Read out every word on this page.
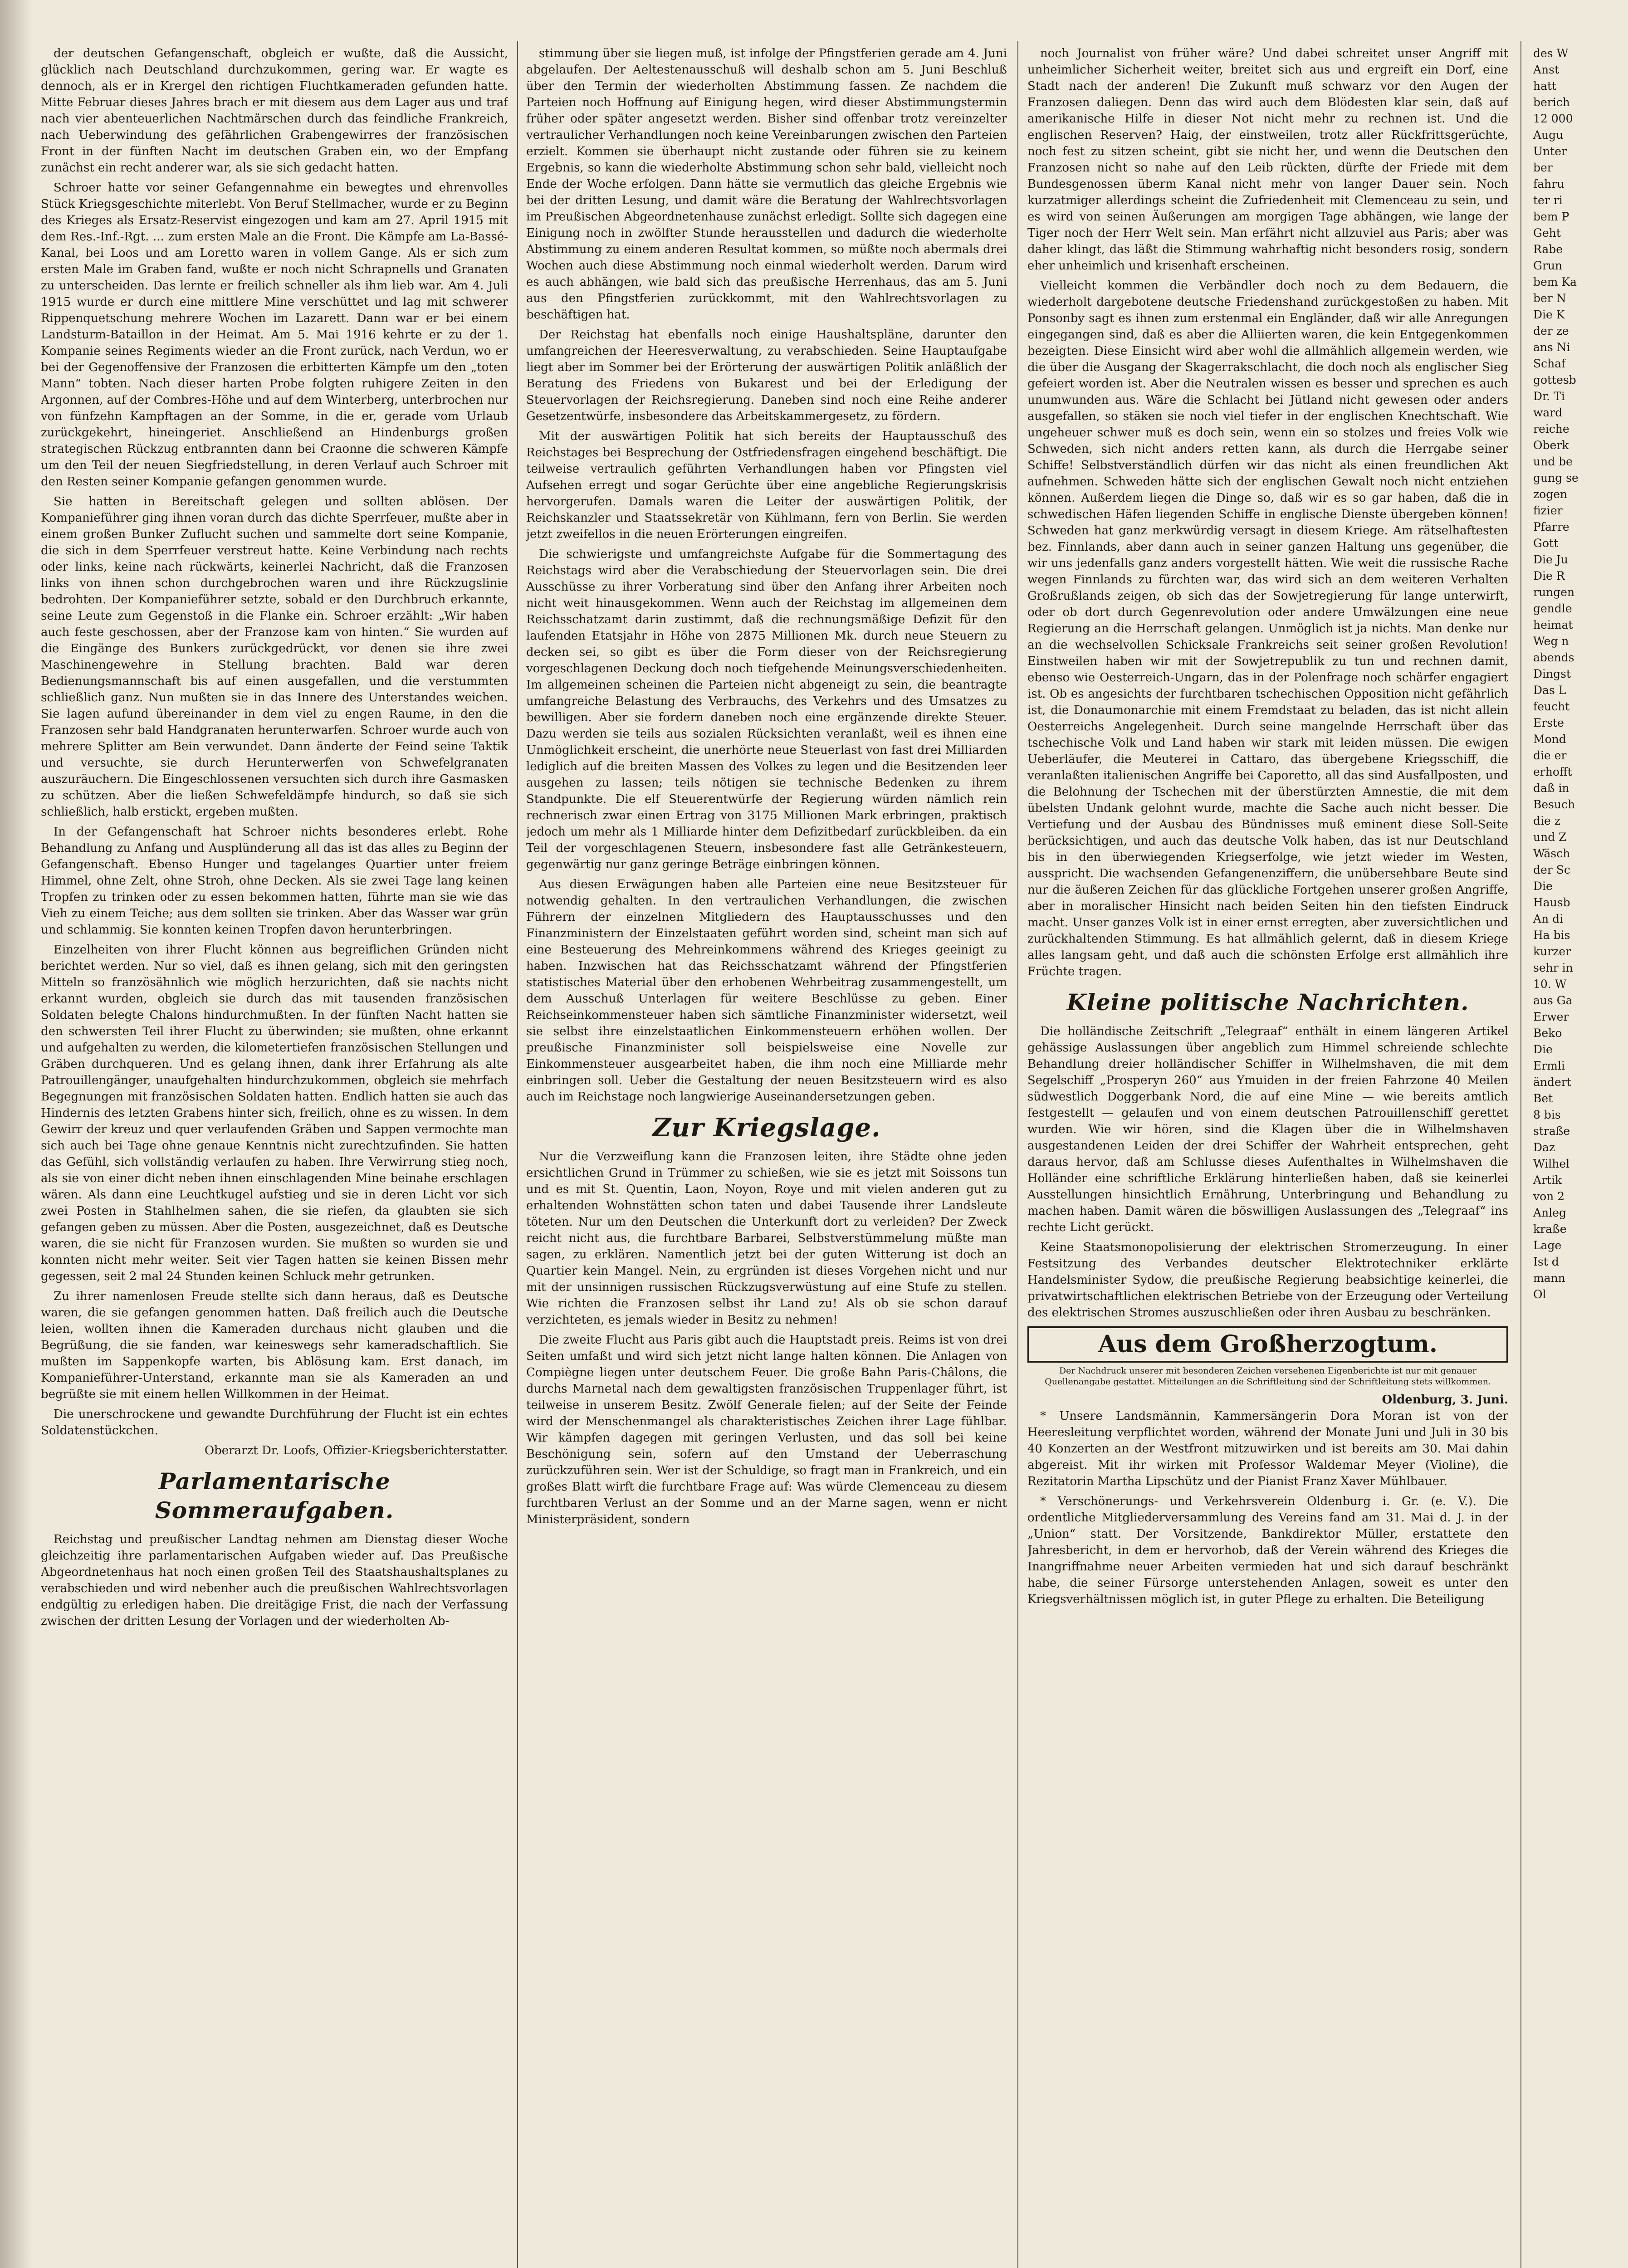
der deutschen Gefangenschaft, obgleich er wußte, daß die Aussicht, glücklich nach Deutschland durchzukommen, gering war. Er wagte es dennoch, als er in Krergel den richtigen Fluchtkameraden gefunden hatte. Mitte Februar dieses Jahres brach er mit diesem aus dem Lager aus und traf nach vier abenteuerlichen Nachtmärschen durch das feindliche Frankreich, nach Ueberwindung des gefährlichen Grabengewirres der französischen Front in der fünften Nacht im deutschen Graben ein, wo der Empfang zunächst ein recht anderer war, als sie sich gedacht hatten.

Schroer hatte vor seiner Gefangennahme ein bewegtes und ehrenvolles Stück Kriegsgeschichte miterlebt. Von Beruf Stellmacher, wurde er zu Beginn des Krieges als Ersatz-Reservist eingezogen und kam am 27. April 1915 mit dem Res.-Inf.-Rgt. ... zum ersten Male an die Front. Die Kämpfe am La-Bassé-Kanal, bei Loos und am Loretto waren in vollem Gange. Als er sich zum ersten Male im Graben fand, wußte er noch nicht Schrapnells und Granaten zu unterscheiden. Das lernte er freilich schneller als ihm lieb war. Am 4. Juli 1915 wurde er durch eine mittlere Mine verschüttet und lag mit schwerer Rippenquetschung mehrere Wochen im Lazarett. Dann war er bei einem Landsturm-Bataillon in der Heimat. Am 5. Mai 1916 kehrte er zu der 1. Kompanie seines Regiments wieder an die Front zurück, nach Verdun, wo er bei der Gegenoffensive der Franzosen die erbitterten Kämpfe um den „toten Mann“ tobten. Nach dieser harten Probe folgten ruhigere Zeiten in den Argonnen, auf der Combres-Höhe und auf dem Winterberg, unterbrochen nur von fünfzehn Kampftagen an der Somme, in die er, gerade vom Urlaub zurückgekehrt, hineingeriet. Anschließend an Hindenburgs großen strategischen Rückzug entbrannten dann bei Craonne die schweren Kämpfe um den Teil der neuen Siegfriedstellung, in deren Verlauf auch Schroer mit den Resten seiner Kompanie gefangen genommen wurde.

Sie hatten in Bereitschaft gelegen und sollten ablösen. Der Kompanieführer ging ihnen voran durch das dichte Sperrfeuer, mußte aber in einem großen Bunker Zuflucht suchen und sammelte dort seine Kompanie, die sich in dem Sperrfeuer verstreut hatte. Keine Verbindung nach rechts oder links, keine nach rückwärts, keinerlei Nachricht, daß die Franzosen links von ihnen schon durchgebrochen waren und ihre Rückzugslinie bedrohten. Der Kompanieführer setzte, sobald er den Durchbruch erkannte, seine Leute zum Gegenstoß in die Flanke ein. Schroer erzählt: „Wir haben auch feste geschossen, aber der Franzose kam von hinten.“ Sie wurden auf die Eingänge des Bunkers zurückgedrückt, vor denen sie ihre zwei Maschinengewehre in Stellung brachten. Bald war deren Bedienungsmannschaft bis auf einen ausgefallen, und die verstummten schließlich ganz. Nun mußten sie in das Innere des Unterstandes weichen. Sie lagen aufund übereinander in dem viel zu engen Raume, in den die Franzosen sehr bald Handgranaten herunterwarfen. Schroer wurde auch von mehrere Splitter am Bein verwundet. Dann änderte der Feind seine Taktik und versuchte, sie durch Herunterwerfen von Schwefelgranaten auszuräuchern. Die Eingeschlossenen versuchten sich durch ihre Gasmasken zu schützen. Aber die ließen Schwefeldämpfe hindurch, so daß sie sich schließlich, halb erstickt, ergeben mußten.

In der Gefangenschaft hat Schroer nichts besonderes erlebt. Rohe Behandlung zu Anfang und Ausplünderung all das ist das alles zu Beginn der Gefangenschaft. Ebenso Hunger und tagelanges Quartier unter freiem Himmel, ohne Zelt, ohne Stroh, ohne Decken. Als sie zwei Tage lang keinen Tropfen zu trinken oder zu essen bekommen hatten, führte man sie wie das Vieh zu einem Teiche; aus dem sollten sie trinken. Aber das Wasser war grün und schlammig. Sie konnten keinen Tropfen davon herunterbringen.

Einzelheiten von ihrer Flucht können aus begreiflichen Gründen nicht berichtet werden. Nur so viel, daß es ihnen gelang, sich mit den geringsten Mitteln so französähnlich wie möglich herzurichten, daß sie nachts nicht erkannt wurden, obgleich sie durch das mit tausenden französischen Soldaten belegte Chalons hindurchmußten. In der fünften Nacht hatten sie den schwersten Teil ihrer Flucht zu überwinden; sie mußten, ohne erkannt und aufgehalten zu werden, die kilometertiefen französischen Stellungen und Gräben durchqueren. Und es gelang ihnen, dank ihrer Erfahrung als alte Patrouillengänger, unaufgehalten hindurchzukommen, obgleich sie mehrfach Begegnungen mit französischen Soldaten hatten. Endlich hatten sie auch das Hindernis des letzten Grabens hinter sich, freilich, ohne es zu wissen. In dem Gewirr der kreuz und quer verlaufenden Gräben und Sappen vermochte man sich auch bei Tage ohne genaue Kenntnis nicht zurechtzufinden. Sie hatten das Gefühl, sich vollständig verlaufen zu haben. Ihre Verwirrung stieg noch, als sie von einer dicht neben ihnen einschlagenden Mine beinahe erschlagen wären. Als dann eine Leuchtkugel aufstieg und sie in deren Licht vor sich zwei Posten in Stahlhelmen sahen, die sie riefen, da glaubten sie sich gefangen geben zu müssen. Aber die Posten, ausgezeichnet, daß es Deutsche waren, die sie nicht für Franzosen wurden. Sie mußten so wurden sie und konnten nicht mehr weiter. Seit vier Tagen hatten sie keinen Bissen mehr gegessen, seit 2 mal 24 Stunden keinen Schluck mehr getrunken.

Zu ihrer namenlosen Freude stellte sich dann heraus, daß es Deutsche waren, die sie gefangen genommen hatten. Daß freilich auch die Deutsche leien, wollten ihnen die Kameraden durchaus nicht glauben und die Begrüßung, die sie fanden, war keineswegs sehr kameradschaftlich. Sie mußten im Sappenkopfe warten, bis Ablösung kam. Erst danach, im Kompanieführer-Unterstand, erkannte man sie als Kameraden an und begrüßte sie mit einem hellen Willkommen in der Heimat.

Die unerschrockene und gewandte Durchführung der Flucht ist ein echtes Soldatenstückchen.

Oberarzt Dr. Loofs, Offizier-Kriegsberichterstatter.
Parlamentarische Sommeraufgaben.

Reichstag und preußischer Landtag nehmen am Dienstag dieser Woche gleichzeitig ihre parlamentarischen Aufgaben wieder auf. Das Preußische Abgeordnetenhaus hat noch einen großen Teil des Staatshaushaltsplanes zu verabschieden und wird nebenher auch die preußischen Wahlrechtsvorlagen endgültig zu erledigen haben. Die dreitägige Frist, die nach der Verfassung zwischen der dritten Lesung der Vorlagen und der wiederholten Ab-

stimmung über sie liegen muß, ist infolge der Pfingstferien gerade am 4. Juni abgelaufen. Der Aeltestenausschuß will deshalb schon am 5. Juni Beschluß über den Termin der wiederholten Abstimmung fassen. Ze nachdem die Parteien noch Hoffnung auf Einigung hegen, wird dieser Abstimmungstermin früher oder später angesetzt werden. Bisher sind offenbar trotz vereinzelter vertraulicher Verhandlungen noch keine Vereinbarungen zwischen den Parteien erzielt. Kommen sie überhaupt nicht zustande oder führen sie zu keinem Ergebnis, so kann die wiederholte Abstimmung schon sehr bald, vielleicht noch Ende der Woche erfolgen. Dann hätte sie vermutlich das gleiche Ergebnis wie bei der dritten Lesung, und damit wäre die Beratung der Wahlrechtsvorlagen im Preußischen Abgeordnetenhause zunächst erledigt. Sollte sich dagegen eine Einigung noch in zwölfter Stunde herausstellen und dadurch die wiederholte Abstimmung zu einem anderen Resultat kommen, so müßte noch abermals drei Wochen auch diese Abstimmung noch einmal wiederholt werden. Darum wird es auch abhängen, wie bald sich das preußische Herrenhaus, das am 5. Juni aus den Pfingstferien zurückkommt, mit den Wahlrechtsvorlagen zu beschäftigen hat.

Der Reichstag hat ebenfalls noch einige Haushaltspläne, darunter den umfangreichen der Heeresverwaltung, zu verabschieden. Seine Hauptaufgabe liegt aber im Sommer bei der Erörterung der auswärtigen Politik anläßlich der Beratung des Friedens von Bukarest und bei der Erledigung der Steuervorlagen der Reichsregierung. Daneben sind noch eine Reihe anderer Gesetzentwürfe, insbesondere das Arbeitskammergesetz, zu fördern.

Mit der auswärtigen Politik hat sich bereits der Hauptausschuß des Reichstages bei Besprechung der Ostfriedensfragen eingehend beschäftigt. Die teilweise vertraulich geführten Verhandlungen haben vor Pfingsten viel Aufsehen erregt und sogar Gerüchte über eine angebliche Regierungskrisis hervorgerufen. Damals waren die Leiter der auswärtigen Politik, der Reichskanzler und Staatssekretär von Kühlmann, fern von Berlin. Sie werden jetzt zweifellos in die neuen Erörterungen eingreifen.

Die schwierigste und umfangreichste Aufgabe für die Sommertagung des Reichstags wird aber die Verabschiedung der Steuervorlagen sein. Die drei Ausschüsse zu ihrer Vorberatung sind über den Anfang ihrer Arbeiten noch nicht weit hinausgekommen. Wenn auch der Reichstag im allgemeinen dem Reichsschatzamt darin zustimmt, daß die rechnungsmäßige Defizit für den laufenden Etatsjahr in Höhe von 2875 Millionen Mk. durch neue Steuern zu decken sei, so gibt es über die Form dieser von der Reichsregierung vorgeschlagenen Deckung doch noch tiefgehende Meinungsverschiedenheiten. Im allgemeinen scheinen die Parteien nicht abgeneigt zu sein, die beantragte umfangreiche Belastung des Verbrauchs, des Verkehrs und des Umsatzes zu bewilligen. Aber sie fordern daneben noch eine ergänzende direkte Steuer. Dazu werden sie teils aus sozialen Rücksichten veranlaßt, weil es ihnen eine Unmöglichkeit erscheint, die unerhörte neue Steuerlast von fast drei Milliarden lediglich auf die breiten Massen des Volkes zu legen und die Besitzenden leer ausgehen zu lassen; teils nötigen sie technische Bedenken zu ihrem Standpunkte. Die elf Steuerentwürfe der Regierung würden nämlich rein rechnerisch zwar einen Ertrag von 3175 Millionen Mark erbringen, praktisch jedoch um mehr als 1 Milliarde hinter dem Defizitbedarf zurückbleiben. da ein Teil der vorgeschlagenen Steuern, insbesondere fast alle Getränkesteuern, gegenwärtig nur ganz geringe Beträge einbringen können.

Aus diesen Erwägungen haben alle Parteien eine neue Besitzsteuer für notwendig gehalten. In den vertraulichen Verhandlungen, die zwischen Führern der einzelnen Mitgliedern des Hauptausschusses und den Finanzministern der Einzelstaaten geführt worden sind, scheint man sich auf eine Besteuerung des Mehreinkommens während des Krieges geeinigt zu haben. Inzwischen hat das Reichsschatzamt während der Pfingstferien statistisches Material über den erhobenen Wehrbeitrag zusammengestellt, um dem Ausschuß Unterlagen für weitere Beschlüsse zu geben. Einer Reichseinkommensteuer haben sich sämtliche Finanzminister widersetzt, weil sie selbst ihre einzelstaatlichen Einkommensteuern erhöhen wollen. Der preußische Finanzminister soll beispielsweise eine Novelle zur Einkommensteuer ausgearbeitet haben, die ihm noch eine Milliarde mehr einbringen soll. Ueber die Gestaltung der neuen Besitzsteuern wird es also auch im Reichstage noch langwierige Auseinandersetzungen geben.

Zur Kriegslage.

Nur die Verzweiflung kann die Franzosen leiten, ihre Städte ohne jeden ersichtlichen Grund in Trümmer zu schießen, wie sie es jetzt mit Soissons tun und es mit St. Quentin, Laon, Noyon, Roye und mit vielen anderen gut zu erhaltenden Wohnstätten schon taten und dabei Tausende ihrer Landsleute töteten. Nur um den Deutschen die Unterkunft dort zu verleiden? Der Zweck reicht nicht aus, die furchtbare Barbarei, Selbstverstümmelung müßte man sagen, zu erklären. Namentlich jetzt bei der guten Witterung ist doch an Quartier kein Mangel. Nein, zu ergründen ist dieses Vorgehen nicht und nur mit der unsinnigen russischen Rückzugsverwüstung auf eine Stufe zu stellen. Wie richten die Franzosen selbst ihr Land zu! Als ob sie schon darauf verzichteten, es jemals wieder in Besitz zu nehmen!

Die zweite Flucht aus Paris gibt auch die Hauptstadt preis. Reims ist von drei Seiten umfaßt und wird sich jetzt nicht lange halten können. Die Anlagen von Compiègne liegen unter deutschem Feuer. Die große Bahn Paris-Châlons, die durchs Marnetal nach dem gewaltigsten französischen Truppenlager führt, ist teilweise in unserem Besitz. Zwölf Generale fielen; auf der Seite der Feinde wird der Menschenmangel als charakteristisches Zeichen ihrer Lage fühlbar. Wir kämpfen dagegen mit geringen Verlusten, und das soll bei keine Beschönigung sein, sofern auf den Umstand der Ueberraschung zurückzuführen sein. Wer ist der Schuldige, so fragt man in Frankreich, und ein großes Blatt wirft die furchtbare Frage auf: Was würde Clemenceau zu diesem furchtbaren Verlust an der Somme und an der Marne sagen, wenn er nicht Ministerpräsident, sondern

noch Journalist von früher wäre? Und dabei schreitet unser Angriff mit unheimlicher Sicherheit weiter, breitet sich aus und ergreift ein Dorf, eine Stadt nach der anderen! Die Zukunft muß schwarz vor den Augen der Franzosen daliegen. Denn das wird auch dem Blödesten klar sein, daß auf amerikanische Hilfe in dieser Not nicht mehr zu rechnen ist. Und die englischen Reserven? Haig, der einstweilen, trotz aller Rückfrittsgerüchte, noch fest zu sitzen scheint, gibt sie nicht her, und wenn die Deutschen den Franzosen nicht so nahe auf den Leib rückten, dürfte der Friede mit dem Bundesgenossen überm Kanal nicht mehr von langer Dauer sein. Noch kurzatmiger allerdings scheint die Zufriedenheit mit Clemenceau zu sein, und es wird von seinen Äußerungen am morgigen Tage abhängen, wie lange der Tiger noch der Herr Welt sein. Man erfährt nicht allzuviel aus Paris; aber was daher klingt, das läßt die Stimmung wahrhaftig nicht besonders rosig, sondern eher unheimlich und krisenhaft erscheinen.

Vielleicht kommen die Verbändler doch noch zu dem Bedauern, die wiederholt dargebotene deutsche Friedenshand zurückgestoßen zu haben. Mit Ponsonby sagt es ihnen zum erstenmal ein Engländer, daß wir alle Anregungen eingegangen sind, daß es aber die Alliierten waren, die kein Entgegenkommen bezeigten. Diese Einsicht wird aber wohl die allmählich allgemein werden, wie die über die Ausgang der Skagerrakschlacht, die doch noch als englischer Sieg gefeiert worden ist. Aber die Neutralen wissen es besser und sprechen es auch unumwunden aus. Wäre die Schlacht bei Jütland nicht gewesen oder anders ausgefallen, so stäken sie noch viel tiefer in der englischen Knechtschaft. Wie ungeheuer schwer muß es doch sein, wenn ein so stolzes und freies Volk wie Schweden, sich nicht anders retten kann, als durch die Herrgabe seiner Schiffe! Selbstverständlich dürfen wir das nicht als einen freundlichen Akt aufnehmen. Schweden hätte sich der englischen Gewalt noch nicht entziehen können. Außerdem liegen die Dinge so, daß wir es so gar haben, daß die in schwedischen Häfen liegenden Schiffe in englische Dienste übergeben können! Schweden hat ganz merkwürdig versagt in diesem Kriege. Am rätselhaftesten bez. Finnlands, aber dann auch in seiner ganzen Haltung uns gegenüber, die wir uns jedenfalls ganz anders vorgestellt hätten. Wie weit die russische Rache wegen Finnlands zu fürchten war, das wird sich an dem weiteren Verhalten Großrußlands zeigen, ob sich das der Sowjetregierung für lange unterwirft, oder ob dort durch Gegenrevolution oder andere Umwälzungen eine neue Regierung an die Herrschaft gelangen. Unmöglich ist ja nichts. Man denke nur an die wechselvollen Schicksale Frankreichs seit seiner großen Revolution! Einstweilen haben wir mit der Sowjetrepublik zu tun und rechnen damit, ebenso wie Oesterreich-Ungarn, das in der Polenfrage noch schärfer engagiert ist. Ob es angesichts der furchtbaren tschechischen Opposition nicht gefährlich ist, die Donaumonarchie mit einem Fremdstaat zu beladen, das ist nicht allein Oesterreichs Angelegenheit. Durch seine mangelnde Herrschaft über das tschechische Volk und Land haben wir stark mit leiden müssen. Die ewigen Ueberläufer, die Meuterei in Cattaro, das übergebene Kriegsschiff, die veranlaßten italienischen Angriffe bei Caporetto, all das sind Ausfallposten, und die Belohnung der Tschechen mit der überstürzten Amnestie, die mit dem übelsten Undank gelohnt wurde, machte die Sache auch nicht besser. Die Vertiefung und der Ausbau des Bündnisses muß eminent diese Soll-Seite berücksichtigen, und auch das deutsche Volk haben, das ist nur Deutschland bis in den überwiegenden Kriegserfolge, wie jetzt wieder im Westen, ausspricht. Die wachsenden Gefangenenziffern, die unübersehbare Beute sind nur die äußeren Zeichen für das glückliche Fortgehen unserer großen Angriffe, aber in moralischer Hinsicht nach beiden Seiten hin den tiefsten Eindruck macht. Unser ganzes Volk ist in einer ernst erregten, aber zuversichtlichen und zurückhaltenden Stimmung. Es hat allmählich gelernt, daß in diesem Kriege alles langsam geht, und daß auch die schönsten Erfolge erst allmählich ihre Früchte tragen.

Kleine politische Nachrichten.

Die holländische Zeitschrift „Telegraaf“ enthält in einem längeren Artikel gehässige Auslassungen über angeblich zum Himmel schreiende schlechte Behandlung dreier holländischer Schiffer in Wilhelmshaven, die mit dem Segelschiff „Prosperyn 260“ aus Ymuiden in der freien Fahrzone 40 Meilen südwestlich Doggerbank Nord, die auf eine Mine — wie bereits amtlich festgestellt — gelaufen und von einem deutschen Patrouillenschiff gerettet wurden. Wie wir hören, sind die Klagen über die in Wilhelmshaven ausgestandenen Leiden der drei Schiffer der Wahrheit entsprechen, geht daraus hervor, daß am Schlusse dieses Aufenthaltes in Wilhelmshaven die Holländer eine schriftliche Erklärung hinterließen haben, daß sie keinerlei Ausstellungen hinsichtlich Ernährung, Unterbringung und Behandlung zu machen haben. Damit wären die böswilligen Auslassungen des „Telegraaf“ ins rechte Licht gerückt.

Keine Staatsmonopolisierung der elektrischen Stromerzeugung. In einer Festsitzung des Verbandes deutscher Elektrotechniker erklärte Handelsminister Sydow, die preußische Regierung beabsichtige keinerlei, die privatwirtschaftlichen elektrischen Betriebe von der Erzeugung oder Verteilung des elektrischen Stromes auszuschließen oder ihren Ausbau zu beschränken.

Aus dem Großherzogtum.
Der Nachdruck unserer mit besonderen Zeichen versehenen Eigenberichte ist nur mit genauer Quellenangabe gestattet. Mitteilungen an die Schriftleitung sind der Schriftleitung stets willkommen.
Oldenburg, 3. Juni.

* Unsere Landsmännin, Kammersängerin Dora Moran ist von der Heeresleitung verpflichtet worden, während der Monate Juni und Juli in 30 bis 40 Konzerten an der Westfront mitzuwirken und ist bereits am 30. Mai dahin abgereist. Mit ihr wirken mit Professor Waldemar Meyer (Violine), die Rezitatorin Martha Lipschütz und der Pianist Franz Xaver Mühlbauer.

* Verschönerungs- und Verkehrsverein Oldenburg i. Gr. (e. V.). Die ordentliche Mitgliederversammlung des Vereins fand am 31. Mai d. J. in der „Union“ statt. Der Vorsitzende, Bankdirektor Müller, erstattete den Jahresbericht, in dem er hervorhob, daß der Verein während des Krieges die Inangriffnahme neuer Arbeiten vermieden hat und sich darauf beschränkt habe, die seiner Fürsorge unterstehenden Anlagen, soweit es unter den Kriegsverhältnissen möglich ist, in guter Pflege zu erhalten. Die Beteiligung

des W

Anst

hatt

berich

12 000

Augu

Unter

ber

fahru

ter ri

bem P

Geht

Rabe

Grun

bem Ka

ber N

Die K

der ze

ans Ni

Schaf

gottesb

Dr. Ti

ward

reiche

Oberk

und be

gung se

zogen

fizier

Pfarre

Gott

Die Ju

Die R

rungen

gendle

heimat

Weg n

abends

Dingst

Das L

feucht

Erste

Mond

die er

erhofft

daß in

Besuch

die z

und Z

Wäsch

der Sc

Die

Hausb

An di

Ha bis

kurzer

sehr in

10. W

aus Ga

Erwer

Beko

Die

Ermli

ändert

Bet

8 bis

straße

Daz

Wilhel

Artik

von 2

Anleg

kraße

Lage

Ist d

mann

Ol
